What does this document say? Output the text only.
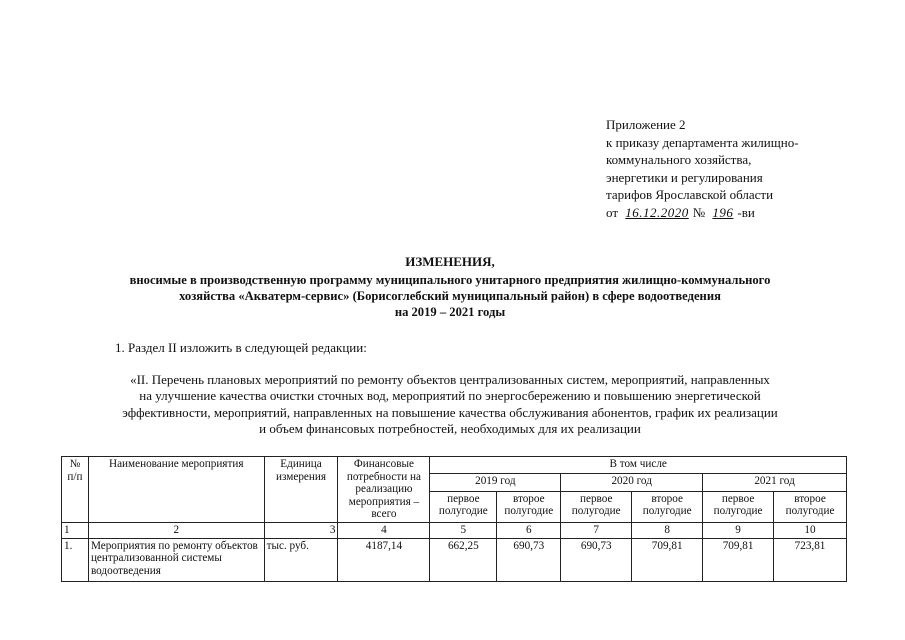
Приложение 2
к приказу департамента жилищно-
коммунального хозяйства,
энергетики и регулирования
тарифов Ярославской области
от 16.12.2020 № 196 -ви
ИЗМЕНЕНИЯ,
вносимые в производственную программу муниципального унитарного предприятия жилищно-коммунального
хозяйства «Акватерм-сервис» (Борисоглебский муниципальный район) в сфере водоотведения
на 2019 – 2021 годы
1. Раздел II изложить в следующей редакции:
«II. Перечень плановых мероприятий по ремонту объектов централизованных систем, мероприятий, направленных
на улучшение качества очистки сточных вод, мероприятий по энергосбережению и повышению энергетической
эффективности, мероприятий, направленных на повышение качества обслуживания абонентов, график их реализации
и объем финансовых потребностей, необходимых для их реализации
№ п/п	Наименование мероприятия	Единица измерения	Финансовые потребности на реализацию мероприятия – всего	В том числе					
				2019 год		2020 год		2021 год	
				первое полугодие	второе полугодие	первое полугодие	второе полугодие	первое полугодие	второе полугодие
1	2	3	4	5	6	7	8	9	10
1.	Мероприятия по ремонту объектов централизованной системы водоотведения	тыс. руб.	4187,14	662,25	690,73	690,73	709,81	709,81	723,81
